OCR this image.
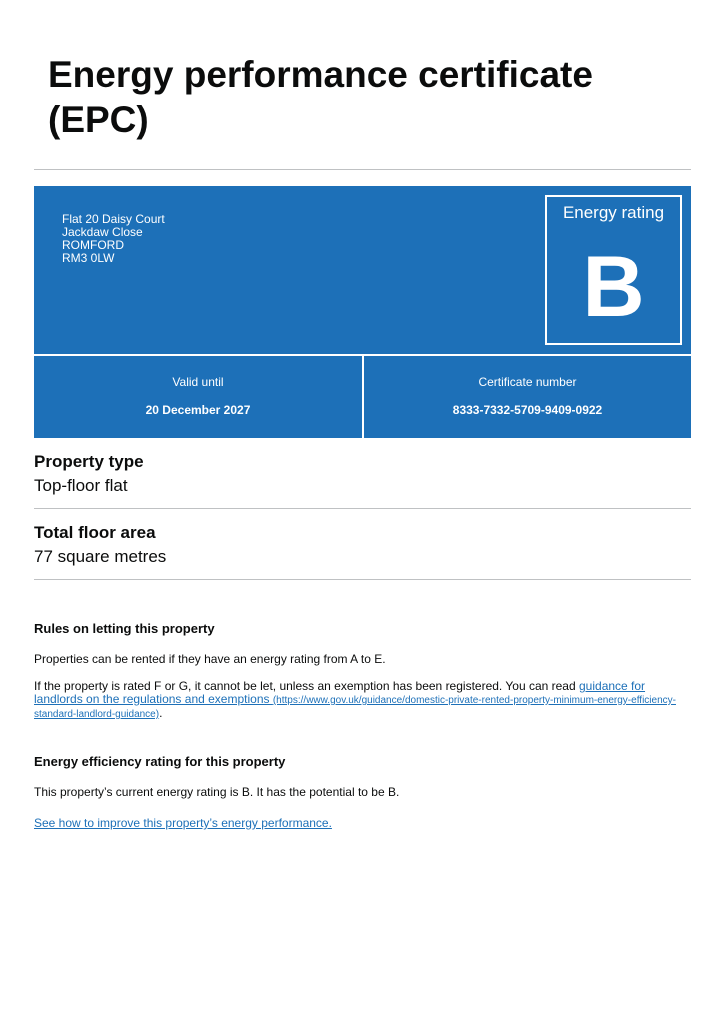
Energy performance certificate (EPC)
Flat 20 Daisy Court
Jackdaw Close
ROMFORD
RM3 0LW
Energy rating
B
Valid until
20 December 2027
Certificate number
8333-7332-5709-9409-0922
Property type
Top-floor flat
Total floor area
77 square metres
Rules on letting this property
Properties can be rented if they have an energy rating from A to E.
If the property is rated F or G, it cannot be let, unless an exemption has been registered. You can read guidance for landlords on the regulations and exemptions (https://www.gov.uk/guidance/domestic-private-rented-property-minimum-energy-efficiency-standard-landlord-guidance).
Energy efficiency rating for this property
This property’s current energy rating is B. It has the potential to be B.
See how to improve this property’s energy performance.
